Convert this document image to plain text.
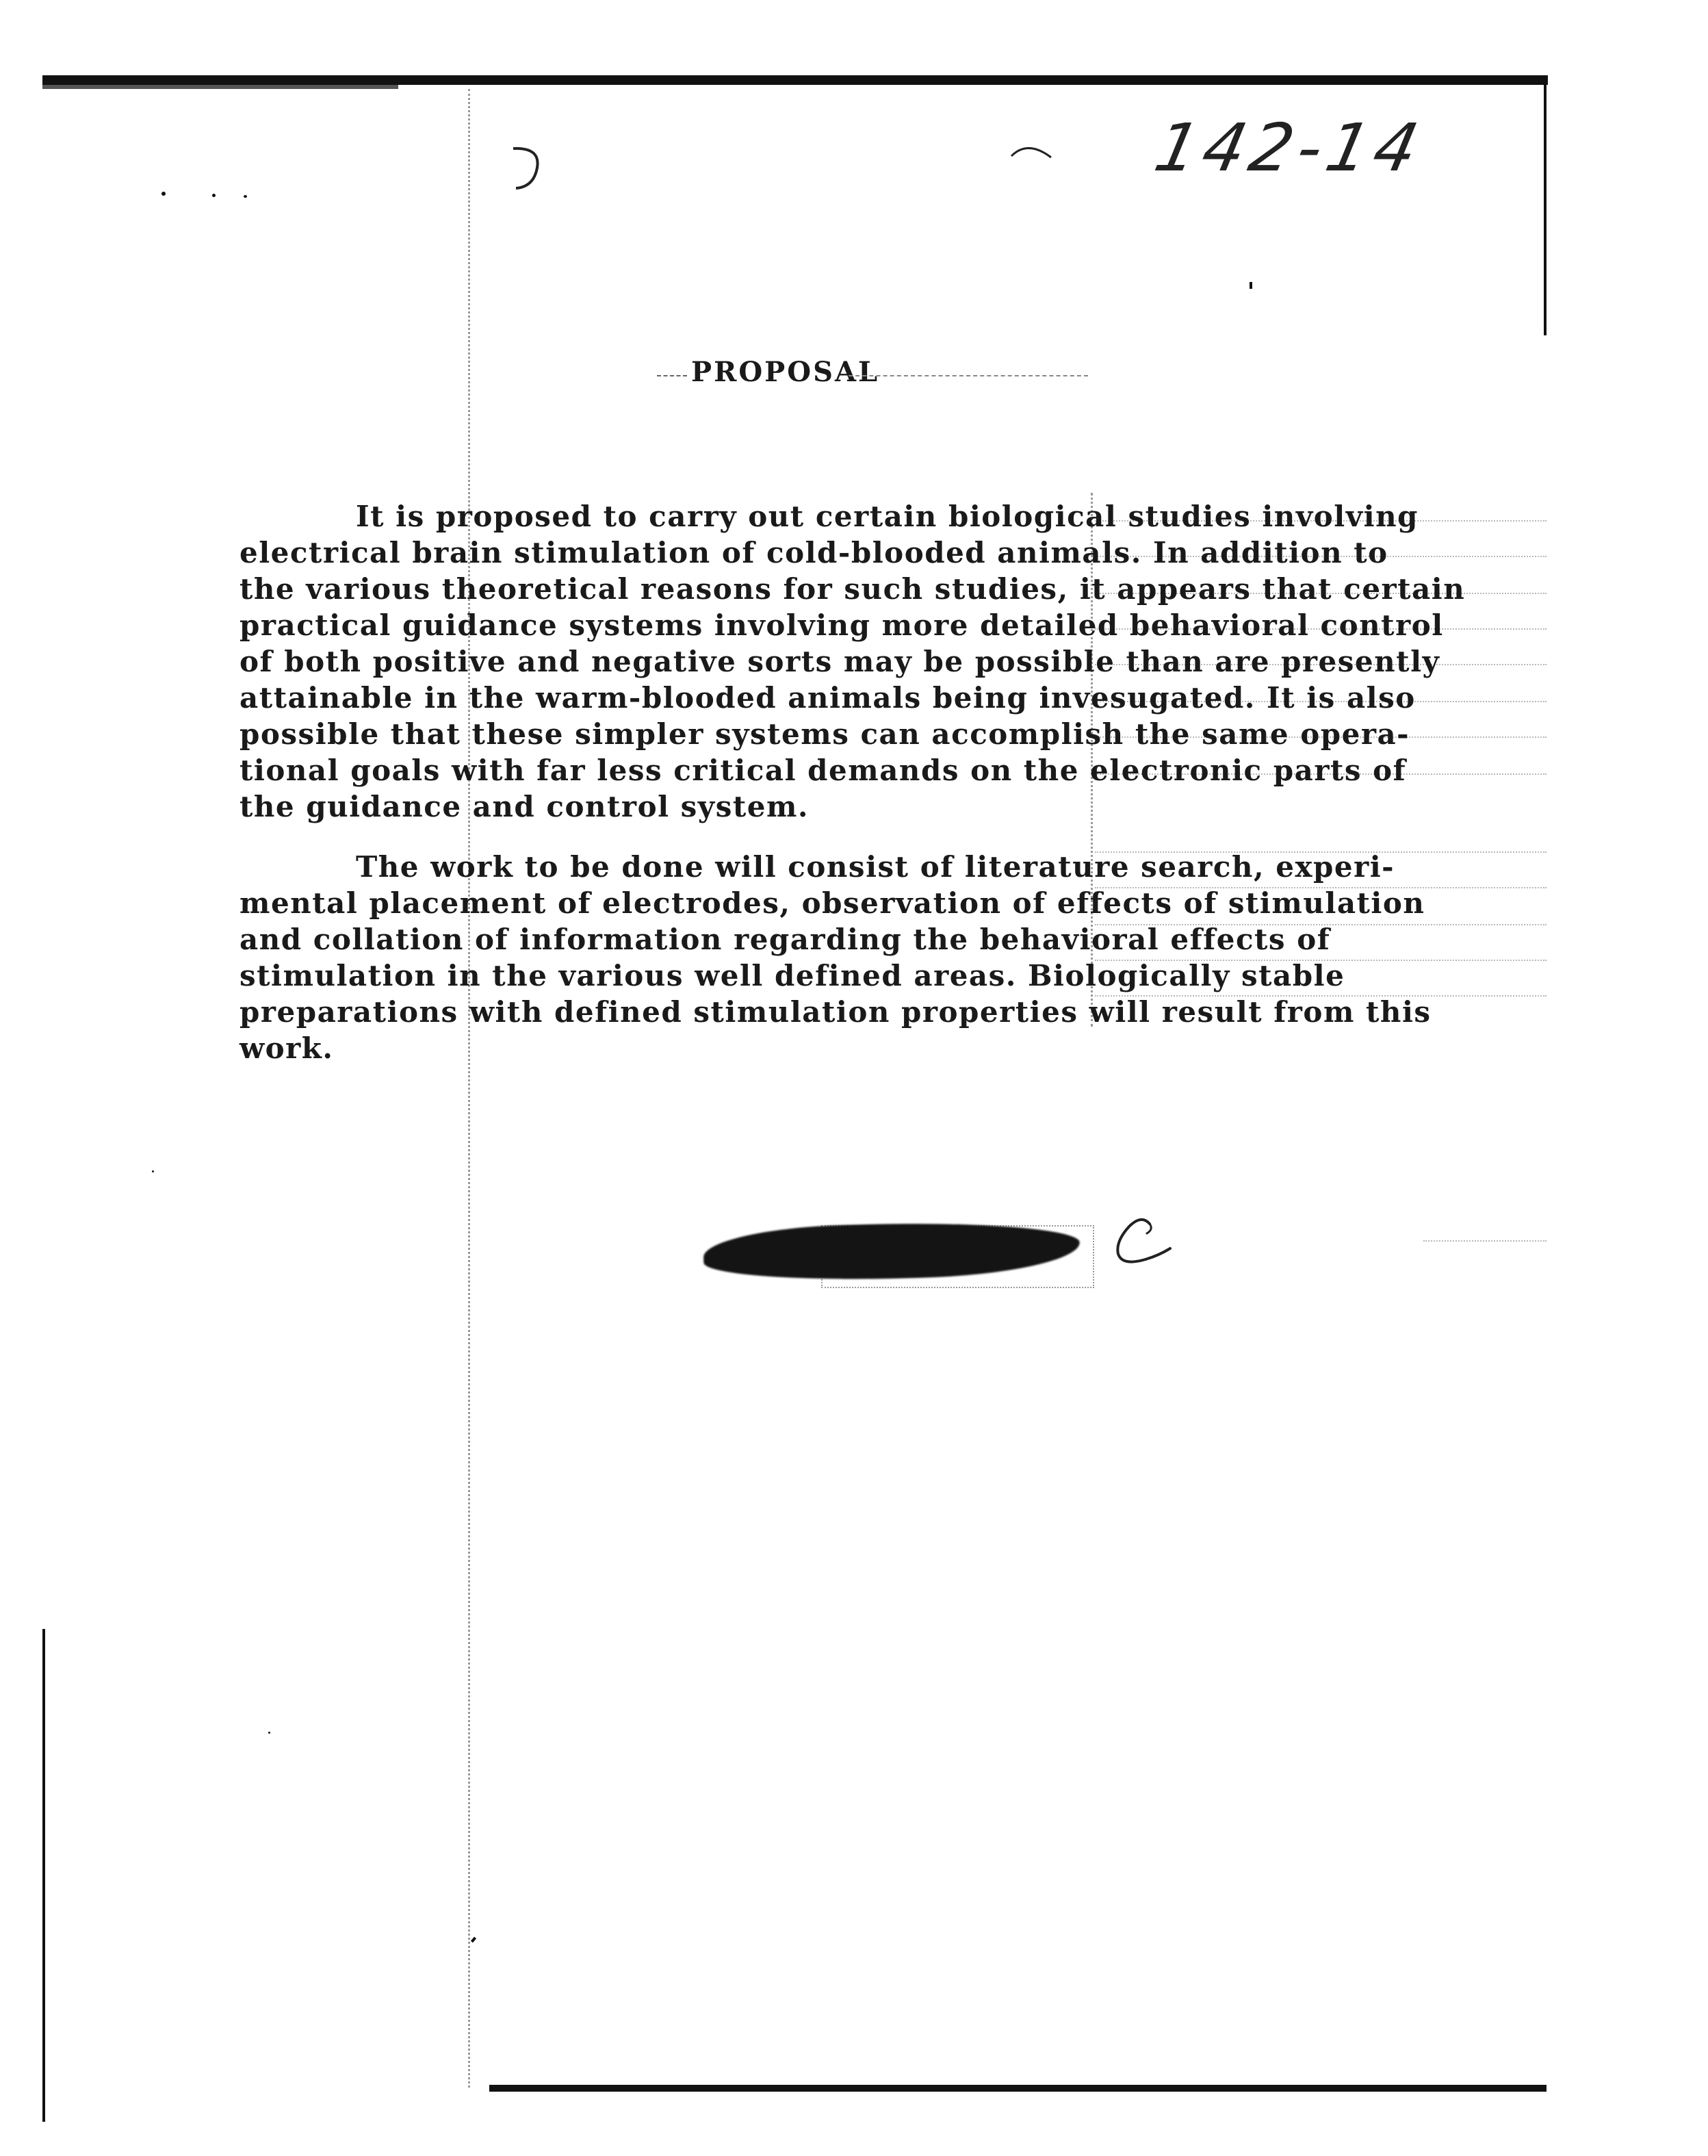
142-14
PROPOSAL

It is proposed to carry out certain biological studies involving
electrical brain stimulation of cold-blooded animals. In addition to
the various theoretical reasons for such studies, it appears that certain
practical guidance systems involving more detailed behavioral control
of both positive and negative sorts may be possible than are presently
attainable in the warm-blooded animals being invesugated. It is also
possible that these simpler systems can accomplish the same opera-
tional goals with far less critical demands on the electronic parts of
the guidance and control system.

The work to be done will consist of literature search, experi-
mental placement of electrodes, observation of effects of stimulation
and collation of information regarding the behavioral effects of
stimulation in the various well defined areas. Biologically stable
preparations with defined stimulation properties will result from this
work.
